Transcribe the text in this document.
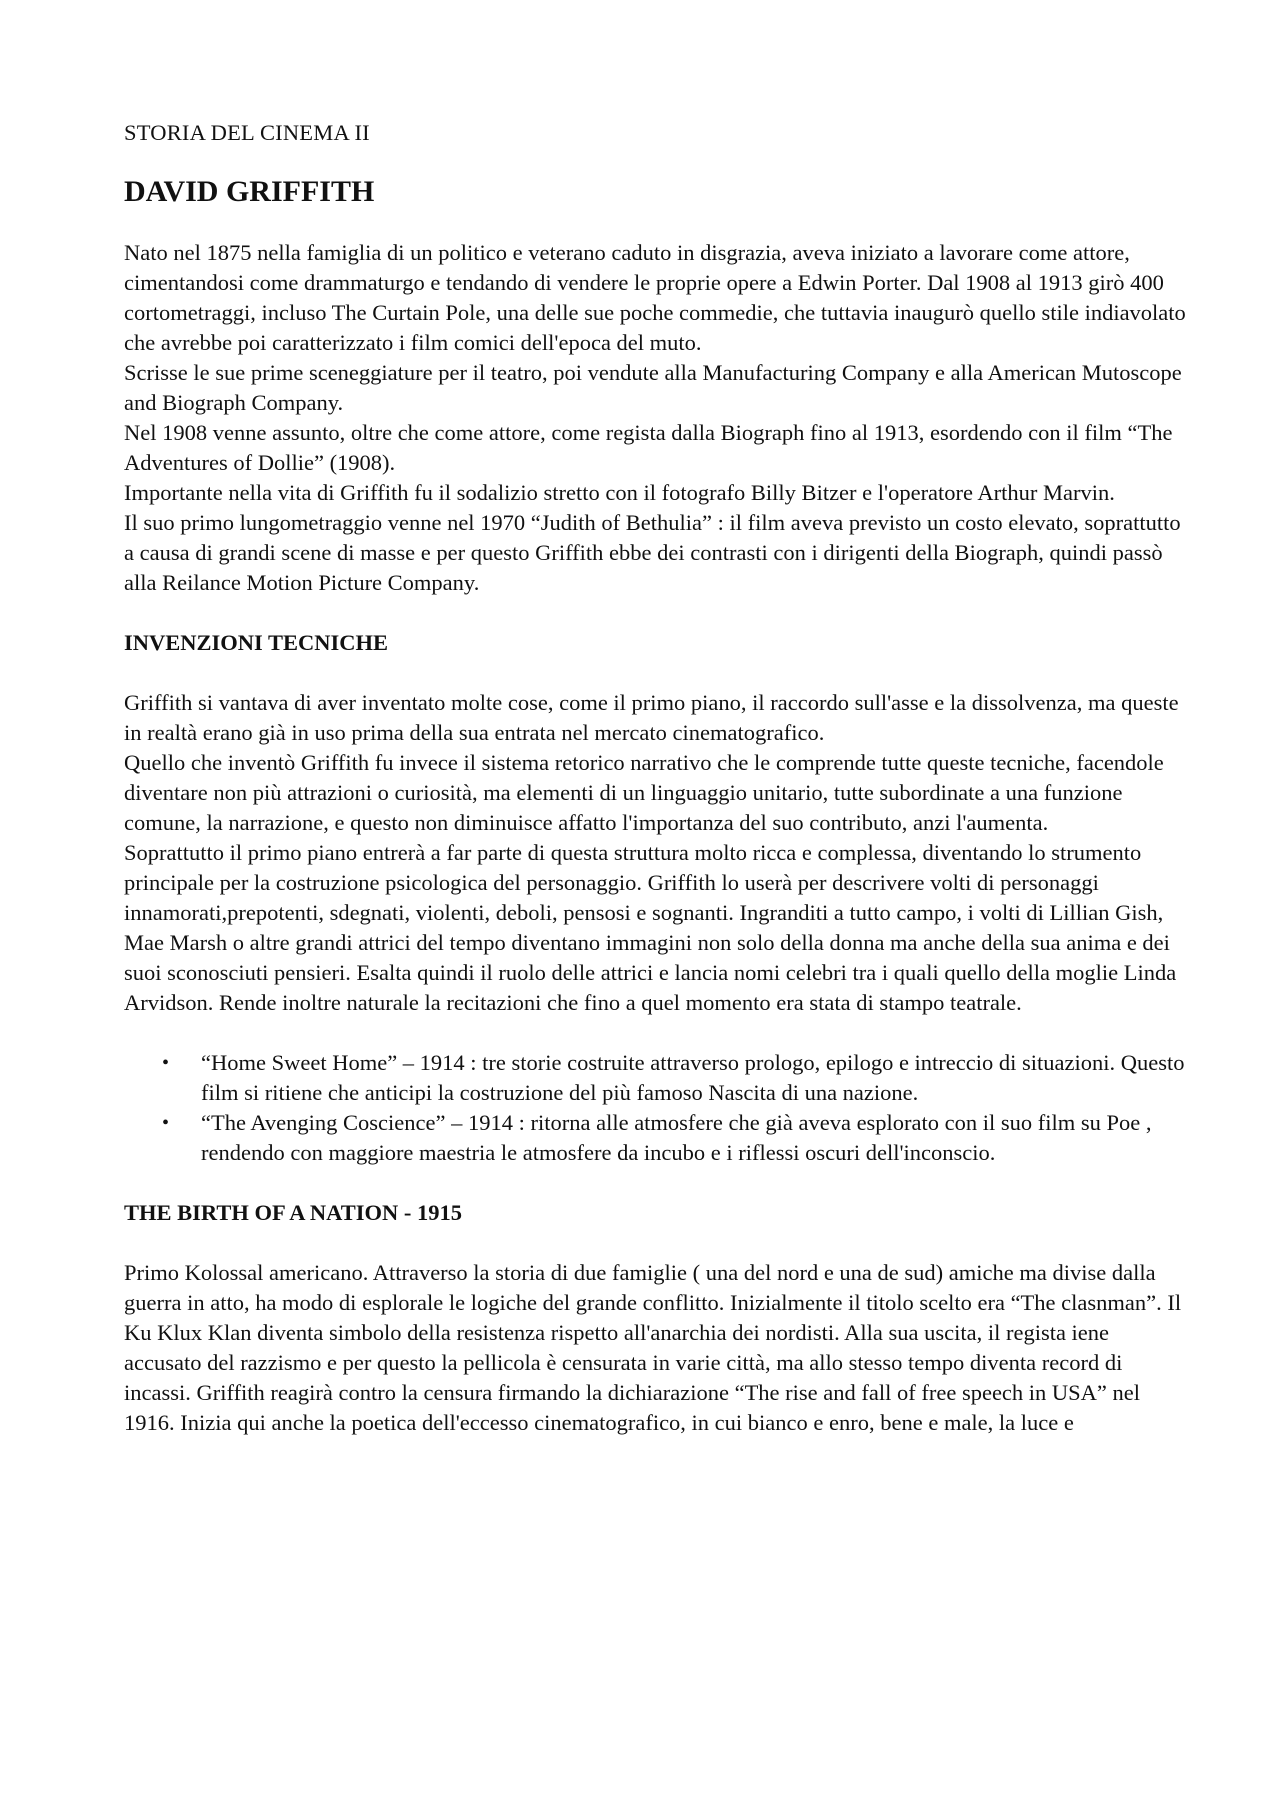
STORIA DEL CINEMA II
DAVID GRIFFITH

Nato nel 1875 nella famiglia di un politico e veterano caduto in disgrazia, aveva iniziato a lavorare come attore, cimentandosi come drammaturgo e tendando di vendere le proprie opere a Edwin Porter. Dal 1908 al 1913 girò 400 cortometraggi, incluso The Curtain Pole, una delle sue poche commedie, che tuttavia inaugurò quello stile indiavolato che avrebbe poi caratterizzato i film comici dell'epoca del muto.

Scrisse le sue prime sceneggiature per il teatro, poi vendute alla Manufacturing Company e alla American Mutoscope and Biograph Company.

Nel 1908 venne assunto, oltre che come attore, come regista dalla Biograph fino al 1913, esordendo con il film “The Adventures of Dollie” (1908).

Importante nella vita di Griffith fu il sodalizio stretto con il fotografo Billy Bitzer e l'operatore Arthur Marvin.

Il suo primo lungometraggio venne nel 1970 “Judith of Bethulia” : il film aveva previsto un costo elevato, soprattutto a causa di grandi scene di masse e per questo Griffith ebbe dei contrasti con i dirigenti della Biograph, quindi passò alla Reilance Motion Picture Company.

INVENZIONI TECNICHE

Griffith si vantava di aver inventato molte cose, come il primo piano, il raccordo sull'asse e la dissolvenza, ma queste in realtà erano già in uso prima della sua entrata nel mercato cinematografico.

Quello che inventò Griffith fu invece il sistema retorico narrativo che le comprende tutte queste tecniche, facendole diventare non più attrazioni o curiosità, ma elementi di un linguaggio unitario, tutte subordinate a una funzione comune, la narrazione, e questo non diminuisce affatto l'importanza del suo contributo, anzi l'aumenta.

Soprattutto il primo piano entrerà a far parte di questa struttura molto ricca e complessa, diventando lo strumento principale per la costruzione psicologica del personaggio. Griffith lo userà per descrivere volti di personaggi innamorati,prepotenti, sdegnati, violenti, deboli, pensosi e sognanti. Ingranditi a tutto campo, i volti di Lillian Gish, Mae Marsh o altre grandi attrici del tempo diventano immagini non solo della donna ma anche della sua anima e dei suoi sconosciuti pensieri. Esalta quindi il ruolo delle attrici e lancia nomi celebri tra i quali quello della moglie Linda Arvidson. Rende inoltre naturale la recitazioni che fino a quel momento era stata di stampo teatrale.

• “Home Sweet Home” – 1914 : tre storie costruite attraverso prologo, epilogo e intreccio di situazioni. Questo film si ritiene che anticipi la costruzione del più famoso Nascita di una nazione.
• “The Avenging Coscience” – 1914 : ritorna alle atmosfere che già aveva esplorato con il suo film su Poe , rendendo con maggiore maestria le atmosfere da incubo e i riflessi oscuri dell'inconscio.
THE BIRTH OF A NATION - 1915

Primo Kolossal americano. Attraverso la storia di due famiglie ( una del nord e una de sud) amiche ma divise dalla guerra in atto, ha modo di esplorale le logiche del grande conflitto. Inizialmente il titolo scelto era “The clasnman”. Il Ku Klux Klan diventa simbolo della resistenza rispetto all'anarchia dei nordisti. Alla sua uscita, il regista iene accusato del razzismo e per questo la pellicola è censurata in varie città, ma allo stesso tempo diventa record di incassi. Griffith reagirà contro la censura firmando la dichiarazione “The rise and fall of free speech in USA” nel 1916. Inizia qui anche la poetica dell'eccesso cinematografico, in cui bianco e enro, bene e male, la luce e
